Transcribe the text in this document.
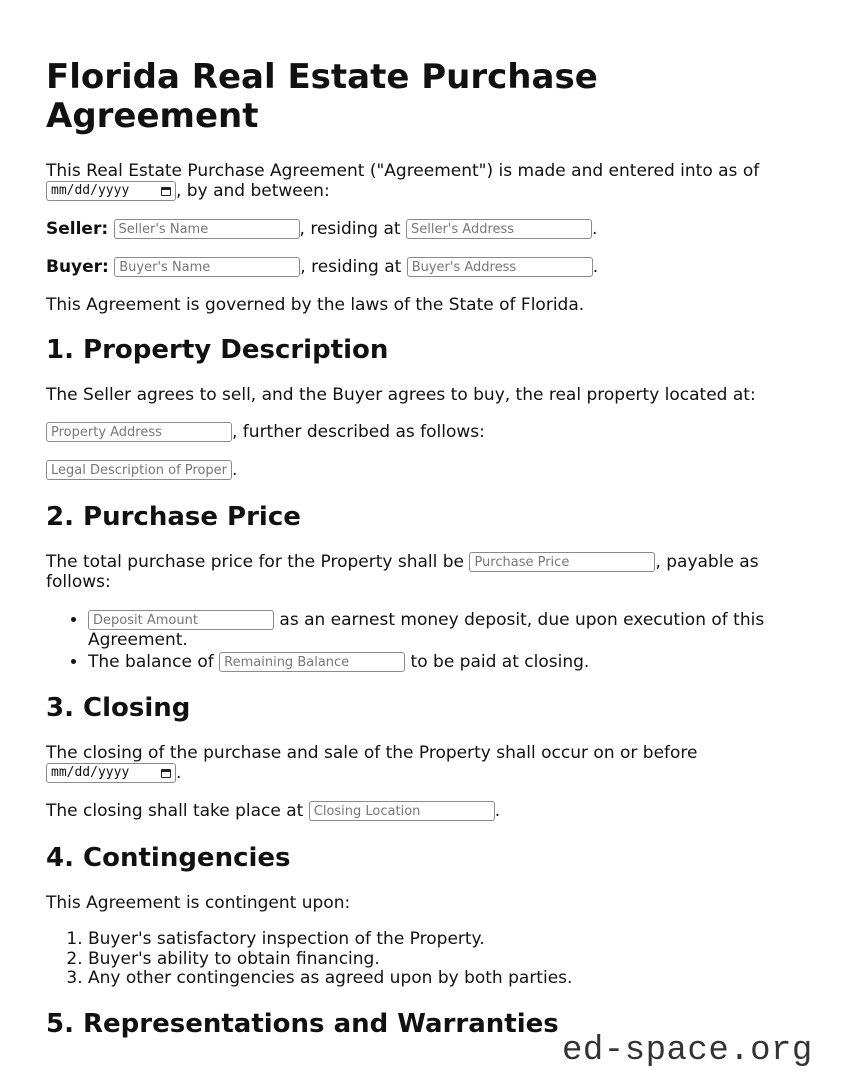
Florida Real Estate Purchase Agreement
This Real Estate Purchase Agreement ("Agreement") is made and entered into as of

mm/dd/yyyy	, by and between:
Seller: Seller's Name	, residing at Seller's Address	.
Buyer: Buyer's Name	, residing at Buyer's Address	.
This Agreement is governed by the laws of the State of Florida.
1. Property Description
The Seller agrees to sell, and the Buyer agrees to buy, the real property located at:
Property Address, further described as follows:
Legal Description of Property.
2. Purchase Price
The total purchase price for the Property shall be Purchase Price	, payable as follows:
Deposit Amount • as an earnest money deposit, due upon execution of this Agreement.
• The balance of Remaining Balance	to be paid at closing.
3. Closing
The closing of the purchase and sale of the Property shall occur on or before

mm/dd/yyyy	.
The closing shall take place at Closing Location	.
4. Contingencies
This Agreement is contingent upon:
1. Buyer's satisfactory inspection of the Property.
2. Buyer's ability to obtain financing.
3. Any other contingencies as agreed upon by both parties.
5. Representations and Warranties
ed-space.org
